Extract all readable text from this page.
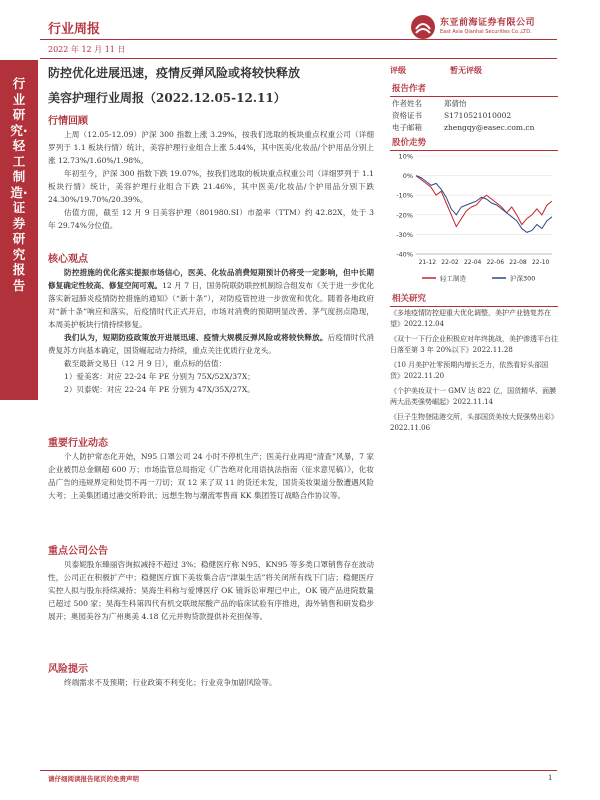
行业周报
2022 年 12 月 11 日
东亚前海证券有限公司
East Asia Qianhai Securities Co.,LTD.
行业研究·轻工制造·证券研究报告
防控优化进展迅速，疫情反弹风险或将较快释放
美容护理行业周报（2022.12.05-12.11）
行情回顾

上周（12.05-12.09）沪深 300 指数上涨 3.29%，按我们选取的板块重点权重公司（详细罗列于 1.1 板块行情）统计，美容护理行业组合上涨 5.44%，其中医美/化妆品/个护用品分别上涨 12.73%/1.60%/1.98%。

年初至今，沪深 300 指数下跌 19.07%，按我们选取的板块重点权重公司（详细罗列于 1.1 板块行情）统计，美容护理行业组合下跌 21.46%，其中医美/化妆品/个护用品分别下跌 24.30%/19.70%/20.39%。

估值方面，截至 12 月 9 日美容护理（801980.SI）市盈率（TTM）约 42.82X，处于 3 年 29.74%分位值。

核心观点

防控措施的优化落实提振市场信心，医美、化妆品消费短期预计仍将受一定影响，但中长期修复确定性较高、修复空间可观。12 月 7 日，国务院联防联控机制综合组发布《关于进一步优化落实新冠肺炎疫情防控措施的通知》（“新十条”），对防疫管控进一步放宽和优化。随着各地政府对“新十条”响应和落实，后疫情时代正式开启，市场对消费的预期明显改善、茅气度拐点隐现，本周美护板块行情持续修复。

我们认为，短期防疫政策放开进展迅速、疫情大规模反弹风险或将较快释放。后疫情时代消费复苏方向基本确定，国货崛起动力持续，重点关注优质行业龙头。

截至最新交易日（12 月 9 日），重点标的估值：

1）爱美客：对应 22-24 年 PE 分别为 75X/52X/37X；

2）贝泰妮：对应 22-24 年 PE 分别为 47X/35X/27X。

重要行业动态

个人防护常态化开始，N95 口罩公司 24 小时不停机生产；医美行业再迎“清查”风暴，7 家企业被罚总金额超 600 万；市场监管总局指定《广告绝对化用语执法指南（征求意见稿）》，化妆品广告的违规界定和处罚不再一刀切；双 12 来了双 11 的货还未发，国货美妆渠道分散遭遇风险大考；上美集团通过港交所聆讯；远想生物与潮流零售商 KK 集团签订战略合作协议等。

重点公司公告

贝泰妮股东臻丽咨询拟减持不超过 3%；稳健医疗称 N95、KN95 等多类口罩销售存在波动性，公司正在积极扩产中；稳健医疗旗下美妆集合店“津渠生活”将关闭所有线下门店；稳健医疗实控人拟与股东持续减持；昊海生科称与爱博医疗 OK 镜诉讼审理已中止，OK 镜产品进院数量已超过 500 家；昊海生科第四代有机交联玻尿酸产品的临床试验有序推进，海外销售和研发稳步展开；奥园美谷为广州奥美 4.18 亿元并购贷款提供补充担保等。

风险提示

终端需求不及预期；行业政策不利变化；行业竞争加剧风险等。

评级	暂无评级
报告作者
作者姓名	郑倩怡
资格证书	S1710521010002
电子邮箱	zhengqy@easec.com.cn
股价走势
10%
0%
-10%
-20%
-30%
-40%
21-12 22-02 22-04 22-06 22-08 22-10
轻工制造	沪深300
相关研究
《多地疫情防控迎重大优化调整，美护产业链复苏在望》2022.12.04
《双十一下行企业积极应对年终挑战，美护渗透平台往日落至第 3 年 20%以下》2022.11.28
《10 月美护社零预期内增长乏力，依然看好头部国货》2022.11.20
《个护美妆双十一 GMV 达 822 亿，国货精华、面膜两大品类强势崛起》2022.11.14
《巨子生物登陆港交所，头部国货美妆大促强势出彩》2022.11.06
请仔细阅读报告尾页的免责声明	1
